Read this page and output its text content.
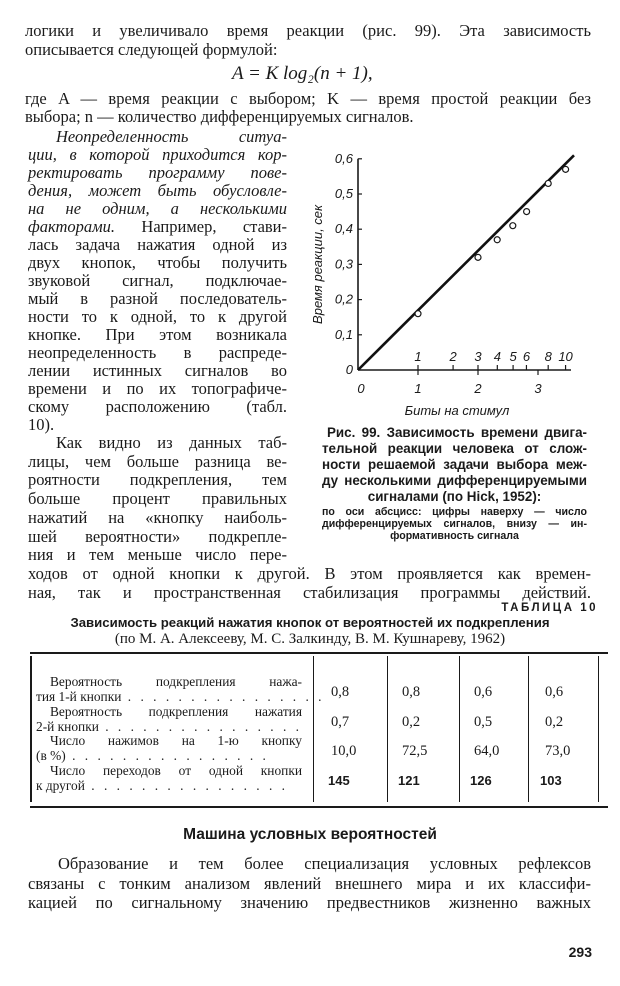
логики и увеличивало время реакции (рис. 99). Эта зависимость
описывается следующей формулой:
A = K log₂(n + 1),
где A — время реакции с выбором; K — время простой реакции без
выбора; n — количество дифференцируемых сигналов.
Неопределенность ситуа-
ции, в которой приходится кор-
ректировать программу пове-
дения, может быть обусловле-
на не одним, а несколькими
факторами. Например, стави-
лась задача нажатия одной из
двух кнопок, чтобы получить
звуковой сигнал, подключае-
мый в разной последователь-
ности то к одной, то к другой
кнопке. При этом возникала
неопределенность в распреде-
лении истинных сигналов во
времени и по их топографиче-
скому расположению (табл.
10).
Как видно из данных таб-
лицы, чем больше разница ве-
роятности подкрепления, тем
больше процент правильных
нажатий на «кнопку наиболь-
шей вероятности» подкрепле-
ния и тем меньше число пере-
ходов от одной кнопки к другой. В этом проявляется как времен-
ная, так и пространственная стабилизация программы действий.
0
0,1
0,2
0,3
0,4
0,5
0,6
0	1	2	3
1 2 3 4 5 6 8 10
Биты на стимул
Время реакции, сек
Рис. 99. Зависимость времени двига-
тельной реакции человека от слож-
ности решаемой задачи выбора меж-
ду несколькими дифференцируемыми
сигналами (по Hick, 1952):
по оси абсцисс: цифры наверху — число
дифференцируемых сигналов, внизу — ин-
формативность сигнала
ТАБЛИЦА 10
Зависимость реакций нажатия кнопок от вероятностей их подкрепления
(по М. А. Алексееву, М. С. Залкинду, В. М. Кушнареву, 1962)
Вероятность подкрепления нажа-
тия 1-й кнопки . . . . . . . . . . . . . . . . 0,8	0,8	0,6	0,6
Вероятность подкрепления нажатия
2-й кнопки . . . . . . . . . . . . . . . . 0,7	0,2	0,5	0,2
Число нажимов на 1-ю кнопку
(в %) . . . . . . . . . . . . . . . .	10,0	72,5	64,0	73,0
Число переходов от одной кнопки
к другой . . . . . . . . . . . . . . . .	145	121	126	103
Машина условных вероятностей
Образование и тем более специализация условных рефлексов
связаны с тонким анализом явлений внешнего мира и их классифи-
кацией по сигнальному значению предвестников жизненно важных
293
